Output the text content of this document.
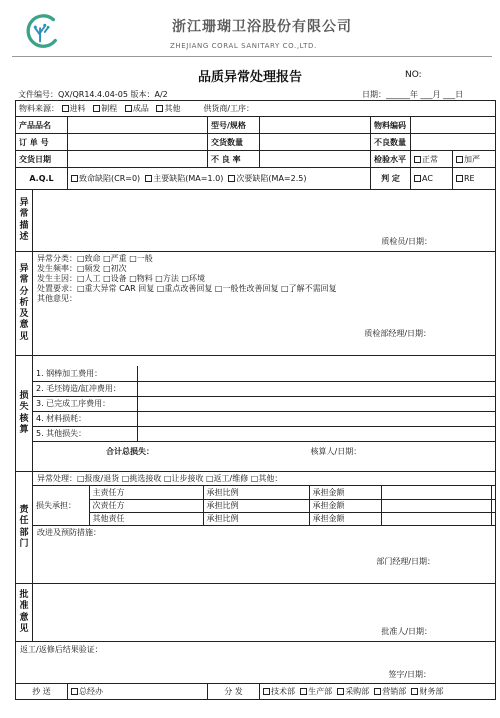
浙江珊瑚卫浴股份有限公司
ZHEJIANG CORAL SANITARY CO.,LTD.
品质异常处理报告	NO:
文件编号：QX/QR14.4.04-05 版本：A/2	日期：______年 ___月 ___日
物料来源： 进料 制程 成品 其他	供货商/工序：
产品品名		型号/规格		物料编码	
订 单 号		交货数量		不良数量	
交货日期		不 良 率		检验水平	正常	加严
A.Q.L	致命缺陷(CR=0) 主要缺陷(MA=1.0) 次要缺陷(MA=2.5)	判 定	AC	RE

异
常
描
述	质检员/日期：

异
常
分
析
及
意
见

异常分类：□致命 □严重 □一般
发生频率：□频发 □初次
发生主因：□人工 □设备 □物料 □方法 □环境
处置要求：□重大异常 CAR 回复 □重点改善回复 □一般性改善回复 □了解不需回复
其他意见：
质检部经理/日期：

损
失
核
算

1. 钢棒加工费用：	
2. 毛坯铸造/缸冲费用：	
3. 已完成工序费用：	
4. 材料损耗：	
5. 其他损失：	
合计总损失：	核算人/日期：

责
任
部
门

异常处理：□报废/退货 □挑选接收 □让步接收 □返工/维修 □其他：
损失承担：	主责任方	承担比例	承担金额		
次责任方	承担比例	承担金额		
其他责任	承担比例	承担金额		
改进及预防措施：
部门经理/日期：

批
准
意
见	批准人/日期：

返工/返修后结果验证：
签字/日期：

抄 送	总经办	分 发	技术部 生产部 采购部 营销部 财务部
